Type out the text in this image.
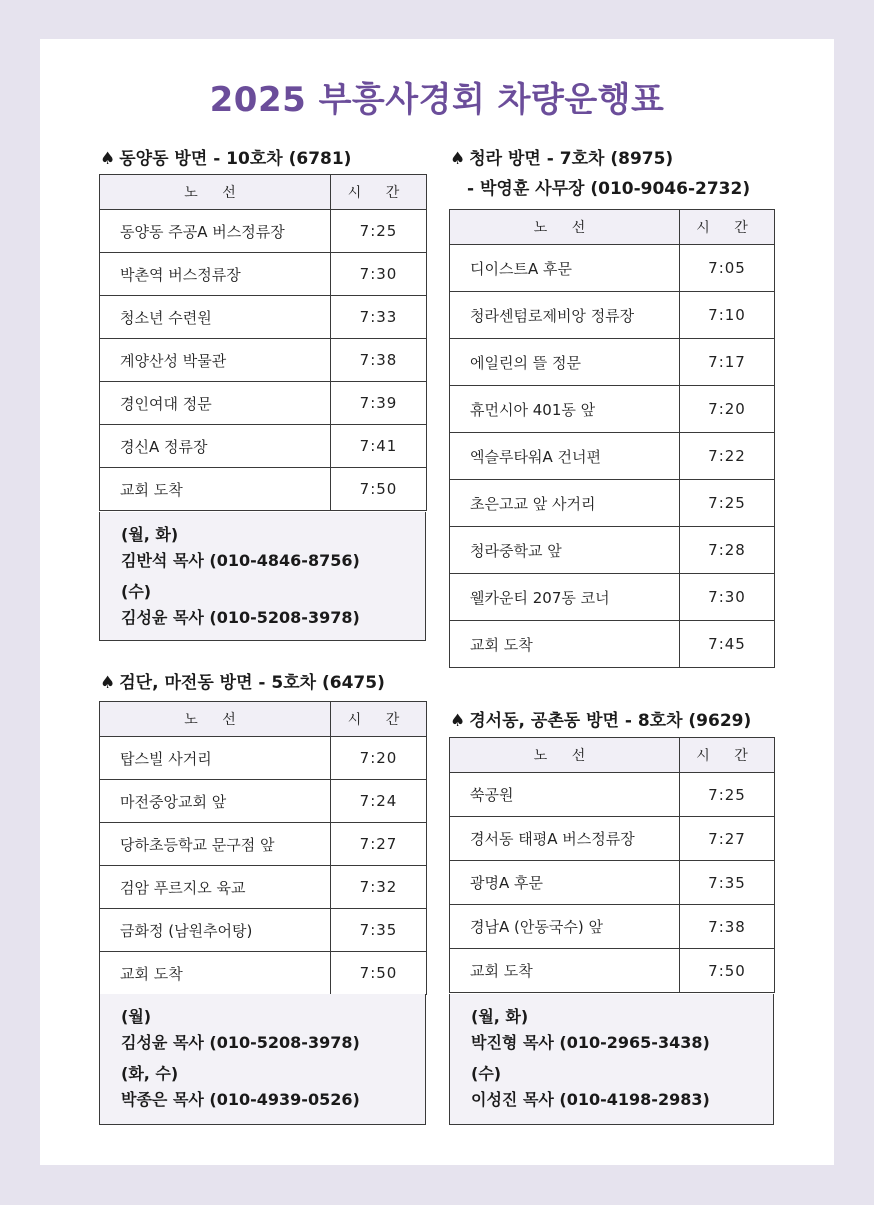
2025 부흥사경회 차량운행표
♠ 동양동 방면 - 10호차 (6781)
노 선	시 간
동양동 주공A 버스정류장	7:25
박촌역 버스정류장	7:30
청소년 수련원	7:33
계양산성 박물관	7:38
경인여대 정문	7:39
경신A 정류장	7:41
교회 도착	7:50
(월, 화)
김반석 목사 (010-4846-8756)
(수)
김성윤 목사 (010-5208-3978)
♠ 청라 방면 - 7호차 (8975)
- 박영훈 사무장 (010-9046-2732)
노 선	시 간
디이스트A 후문	7:05
청라센텀로제비앙 정류장	7:10
에일린의 뜰 정문	7:17
휴먼시아 401동 앞	7:20
엑슬루타워A 건너편	7:22
초은고교 앞 사거리	7:25
청라중학교 앞	7:28
웰카운티 207동 코너	7:30
교회 도착	7:45
♠ 검단, 마전동 방면 - 5호차 (6475)
노 선	시 간
탑스빌 사거리	7:20
마전중앙교회 앞	7:24
당하초등학교 문구점 앞	7:27
검암 푸르지오 육교	7:32
금화정 (남원추어탕)	7:35
교회 도착	7:50
(월)
김성윤 목사 (010-5208-3978)
(화, 수)
박종은 목사 (010-4939-0526)
♠ 경서동, 공촌동 방면 - 8호차 (9629)
노 선	시 간
쑥공원	7:25
경서동 태평A 버스정류장	7:27
광명A 후문	7:35
경남A (안동국수) 앞	7:38
교회 도착	7:50
(월, 화)
박진형 목사 (010-2965-3438)
(수)
이성진 목사 (010-4198-2983)
